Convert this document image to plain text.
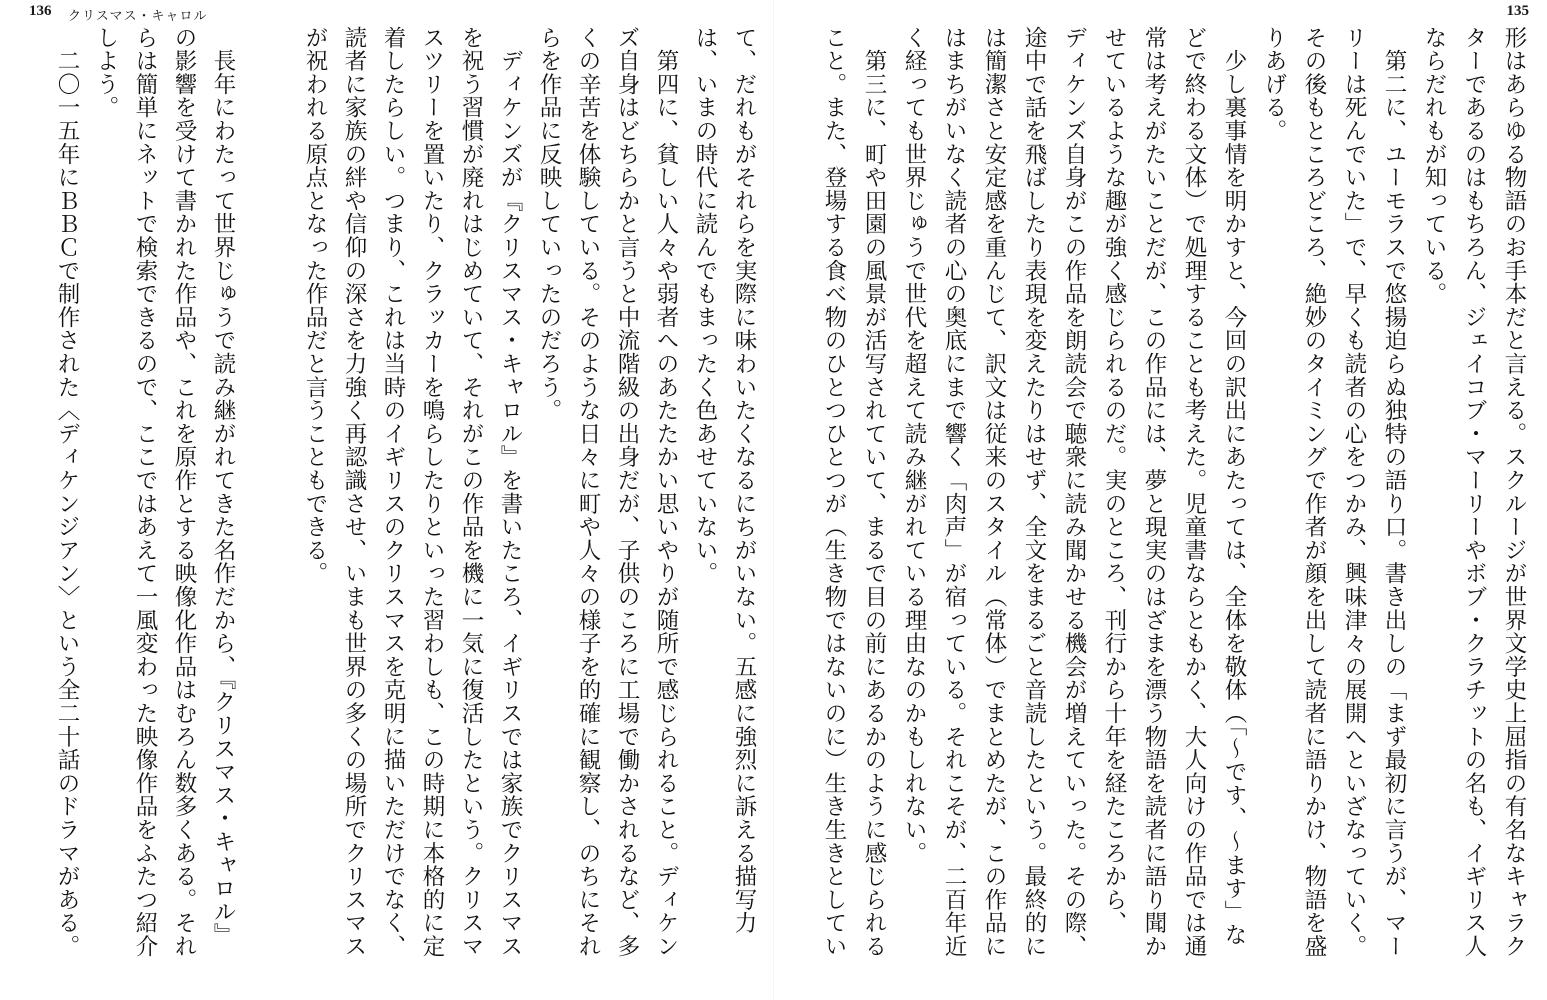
136 クリスマス・キャロル	135
形はあらゆる物語のお手本だと言える。スクルージが世界文学史上屈指の有名なキャラク
ターであるのはもちろん、ジェイコブ・マーリーやボブ・クラチットの名も、イギリス人
ならだれもが知っている。
　第二に、ユーモラスで悠揚迫らぬ独特の語り口。書き出しの「まず最初に言うが、マー
リーは死んでいた」で、早くも読者の心をつかみ、興味津々の展開へといざなっていく。
その後もところどころ、絶妙のタイミングで作者が顔を出して読者に語りかけ、物語を盛
りあげる。
　少し裏事情を明かすと、今回の訳出にあたっては、全体を敬体（「〜です、〜ます」な
どで終わる文体）で処理することも考えた。児童書ならともかく、大人向けの作品では通
常は考えがたいことだが、この作品には、夢と現実のはざまを漂う物語を読者に語り聞か
せているような趣が強く感じられるのだ。実のところ、刊行から十年を経たころから、
ディケンズ自身がこの作品を朗読会で聴衆に読み聞かせる機会が増えていった。その際、
途中で話を飛ばしたり表現を変えたりはせず、全文をまるごと音読したという。最終的に
は簡潔さと安定感を重んじて、訳文は従来のスタイル（常体）でまとめたが、この作品に
はまちがいなく読者の心の奥底にまで響く「肉声」が宿っている。それこそが、二百年近
く経っても世界じゅうで世代を超えて読み継がれている理由なのかもしれない。
　第三に、町や田園の風景が活写されていて、まるで目の前にあるかのように感じられる
こと。また、登場する食べ物のひとつひとつが（生き物ではないのに）生き生きとしてい
て、だれもがそれらを実際に味わいたくなるにちがいない。五感に強烈に訴える描写力
は、いまの時代に読んでもまったく色あせていない。
　第四に、貧しい人々や弱者へのあたたかい思いやりが随所で感じられること。ディケン
ズ自身はどちらかと言うと中流階級の出身だが、子供のころに工場で働かされるなど、多
くの辛苦を体験している。そのような日々に町や人々の様子を的確に観察し、のちにそれ
らを作品に反映していったのだろう。
　ディケンズが『クリスマス・キャロル』を書いたころ、イギリスでは家族でクリスマス
を祝う習慣が廃れはじめていて、それがこの作品を機に一気に復活したという。クリスマ
スツリーを置いたり、クラッカーを鳴らしたりといった習わしも、この時期に本格的に定
着したらしい。つまり、これは当時のイギリスのクリスマスを克明に描いただけでなく、
読者に家族の絆や信仰の深さを力強く再認識させ、いまも世界の多くの場所でクリスマス
が祝われる原点となった作品だと言うこともできる。
　長年にわたって世界じゅうで読み継がれてきた名作だから、『クリスマス・キャロル』
の影響を受けて書かれた作品や、これを原作とする映像化作品はむろん数多くある。それ
らは簡単にネットで検索できるので、ここではあえて一風変わった映像作品をふたつ紹介
しよう。
　二〇一五年にＢＢＣで制作された〈ディケンジアン〉という全二十話のドラマがある。
